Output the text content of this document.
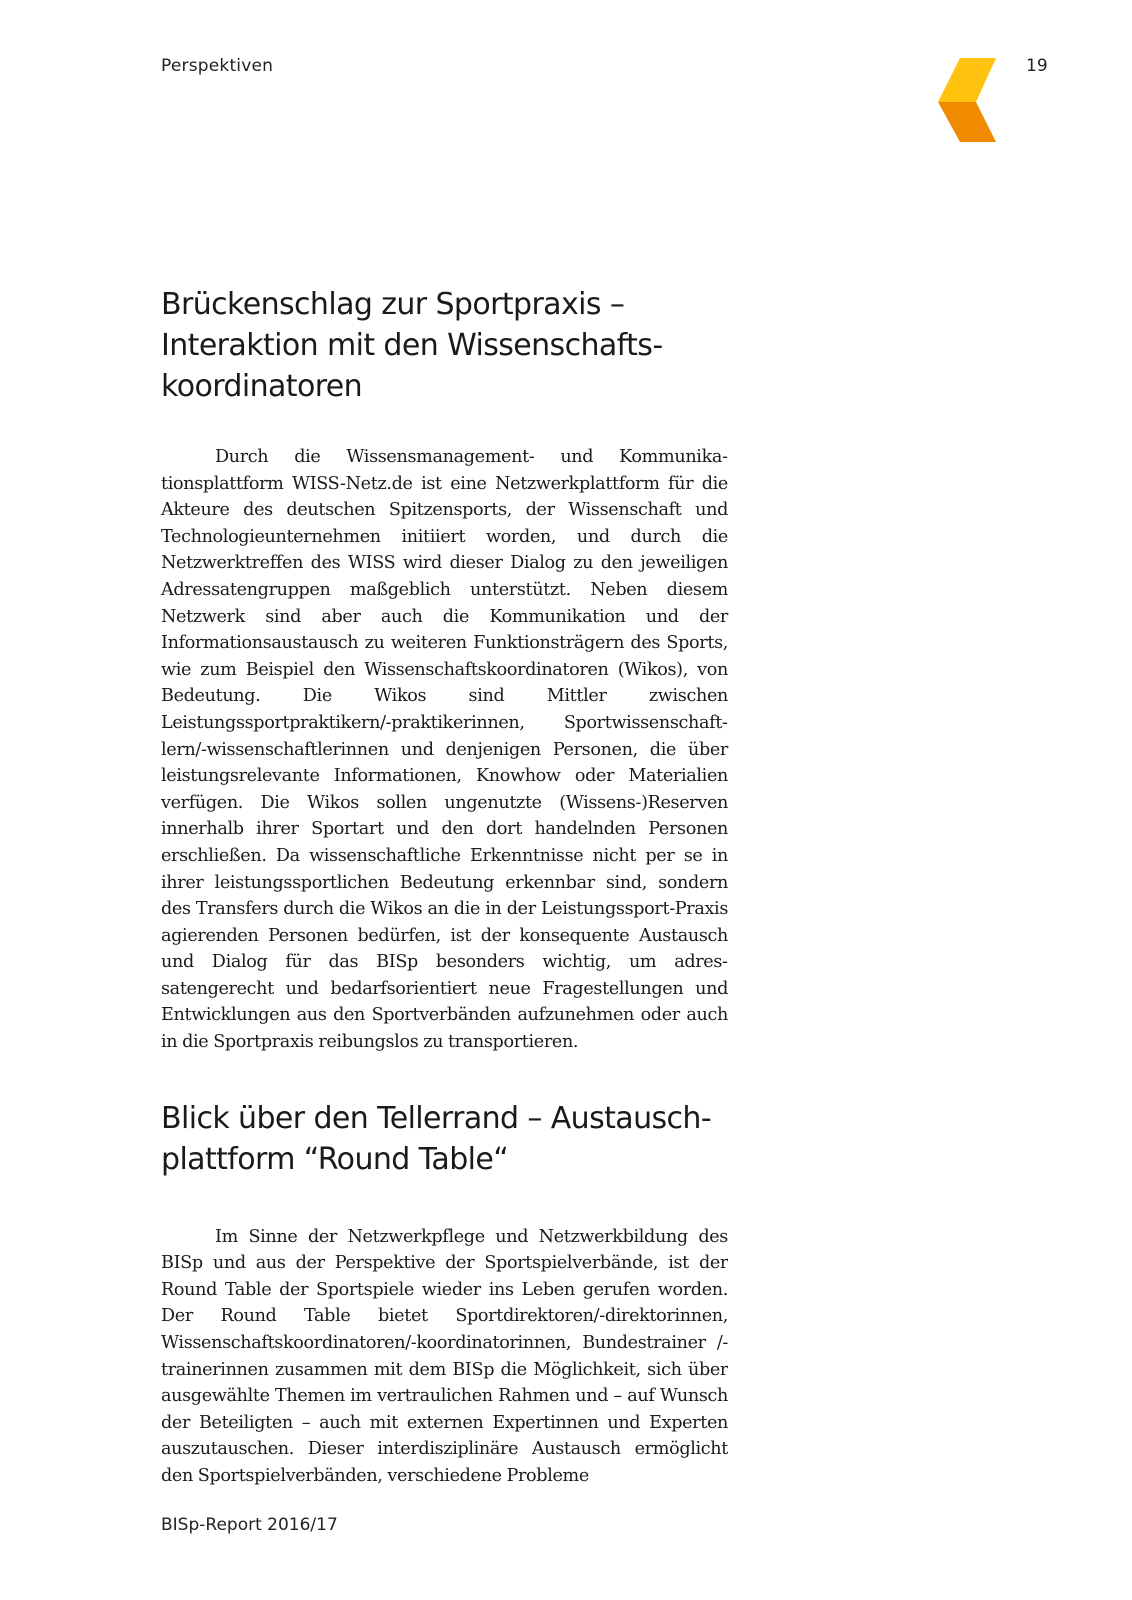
Perspektiven	19
Brückenschlag zur Sportpraxis – Interaktion mit den Wissenschaftskoordinatoren

Durch die Wissensmanagement- und Kommunikationsplattform WISS-Netz.de ist eine Netzwerkplattform für die Akteure des deutschen Spitzensports, der Wissenschaft und Technologieunternehmen initiiert worden, und durch die Netzwerktreffen des WISS wird dieser Dialog zu den jeweiligen Adressatengruppen maßgeblich unterstützt. Neben diesem Netzwerk sind aber auch die Kommunikation und der Informationsaustausch zu weiteren Funktionsträgern des Sports, wie zum Beispiel den Wissenschaftskoordinatoren (Wikos), von Bedeutung. Die Wikos sind Mittler zwischen Leistungssportpraktikern/-praktikerinnen, Sportwissenschaftlern/-wissenschaftlerinnen und denjenigen Personen, die über leistungsrelevante Informationen, Knowhow oder Materialien verfügen. Die Wikos sollen ungenutzte (Wissens-)Reserven innerhalb ihrer Sportart und den dort handelnden Personen erschließen. Da wissenschaftliche Erkenntnisse nicht per se in ihrer leistungssportlichen Bedeutung erkennbar sind, sondern des Transfers durch die Wikos an die in der Leistungssport-Praxis agierenden Personen bedürfen, ist der konsequente Austausch und Dialog für das BISp besonders wichtig, um adressatengerecht und bedarfsorientiert neue Fragestellungen und Entwicklungen aus den Sportverbänden aufzunehmen oder auch in die Sportpraxis reibungslos zu transportieren.

Blick über den Tellerrand – Austauschplattform “Round Table“

Im Sinne der Netzwerkpflege und Netzwerkbildung des BISp und aus der Perspektive der Sportspielverbände, ist der Round Table der Sportspiele wieder ins Leben gerufen worden. Der Round Table bietet Sportdirektoren/-direktorinnen, Wissenschaftskoordinatoren/-koordinatorinnen, Bundestrainer /-trainerinnen zusammen mit dem BISp die Möglichkeit, sich über ausgewählte Themen im vertraulichen Rahmen und – auf Wunsch der Beteiligten – auch mit externen Expertinnen und Experten auszutauschen. Dieser interdisziplinäre Austausch ermöglicht den Sportspielverbänden, verschiedene Probleme

BISp-Report 2016/17
